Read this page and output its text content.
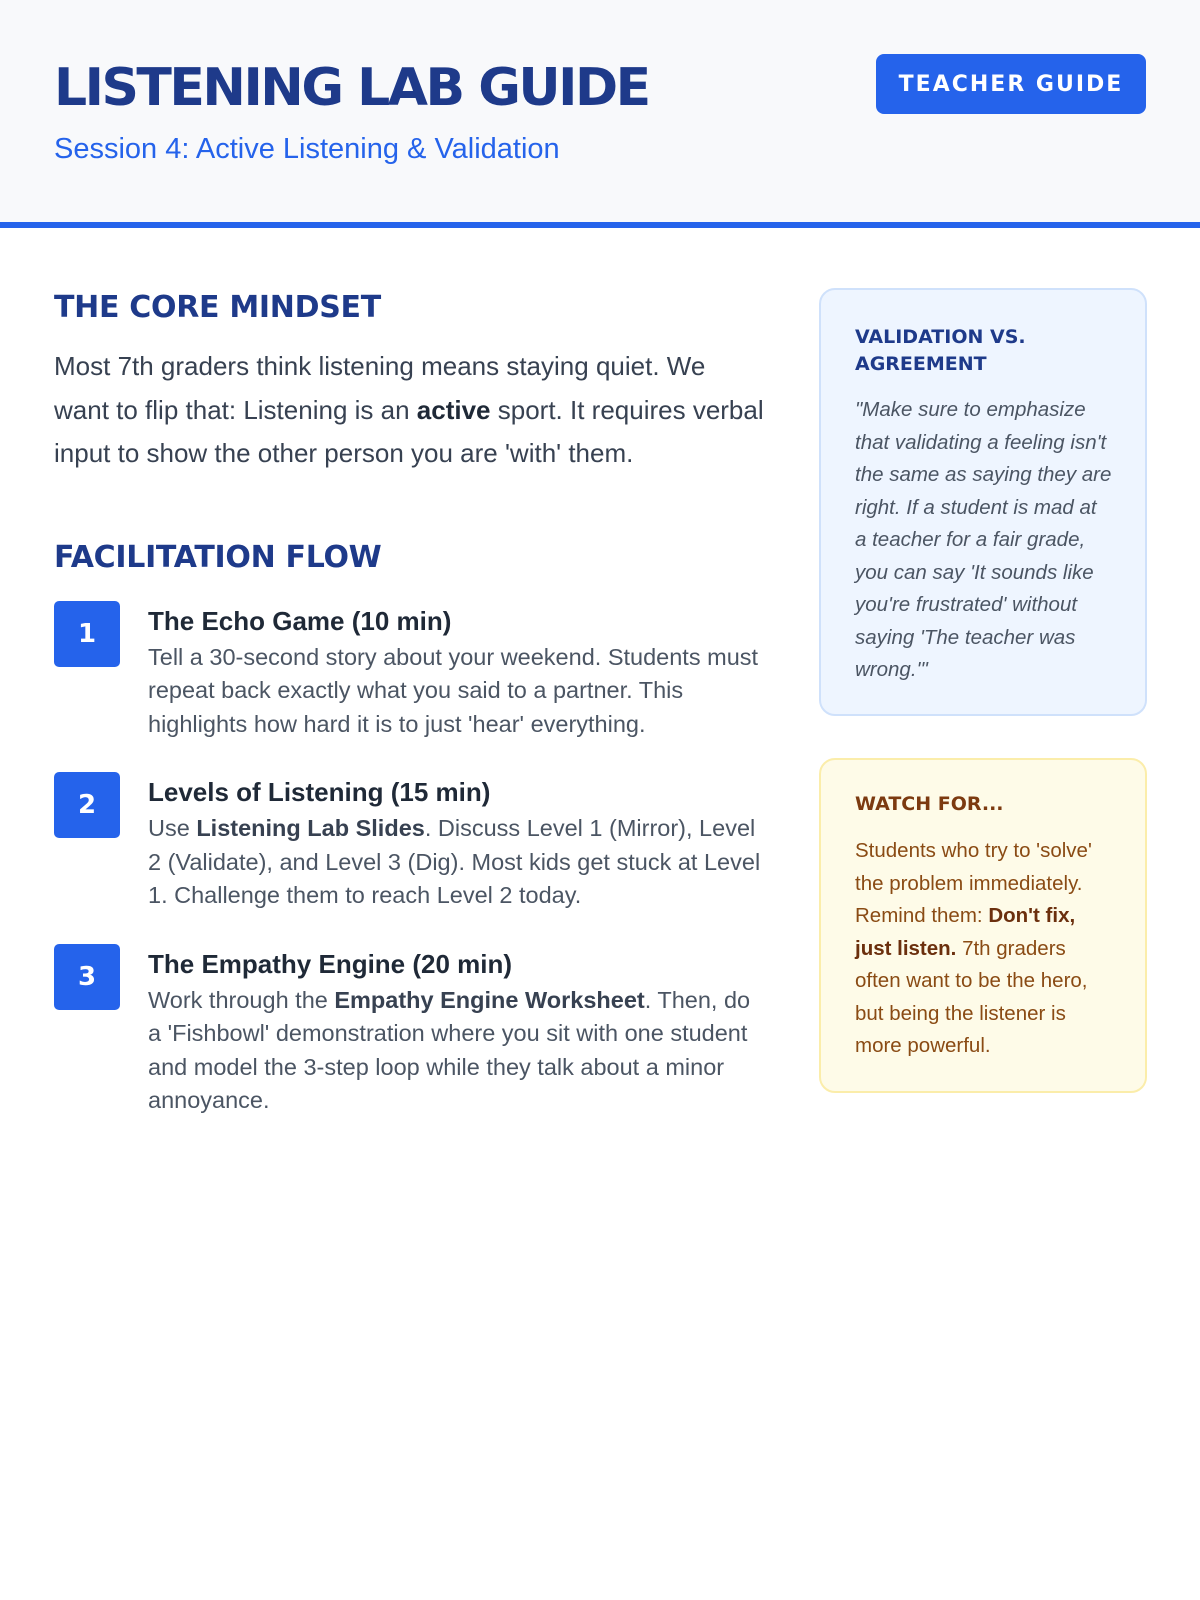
LISTENING LAB GUIDE
Session 4: Active Listening & Validation
TEACHER GUIDE
THE CORE MINDSET

Most 7th graders think listening means staying quiet. We want to flip that: Listening is an active sport. It requires verbal input to show the other person you are 'with' them.

FACILITATION FLOW
1	The Echo Game (10 min)
Tell a 30-second story about your weekend. Students must repeat back exactly what you said to a partner. This highlights how hard it is to just 'hear' everything.
2	Levels of Listening (15 min)
Use Listening Lab Slides. Discuss Level 1 (Mirror), Level 2 (Validate), and Level 3 (Dig). Most kids get stuck at Level 1. Challenge them to reach Level 2 today.
3	The Empathy Engine (20 min)
Work through the Empathy Engine Worksheet. Then, do a 'Fishbowl' demonstration where you sit with one student and model the 3-step loop while they talk about a minor annoyance.
VALIDATION VS. AGREEMENT

"Make sure to emphasize that validating a feeling isn't the same as saying they are right. If a student is mad at a teacher for a fair grade, you can say 'It sounds like you're frustrated' without saying 'The teacher was wrong.'"

WATCH FOR...

Students who try to 'solve' the problem immediately. Remind them: Don't fix, just listen. 7th graders often want to be the hero, but being the listener is more powerful.
